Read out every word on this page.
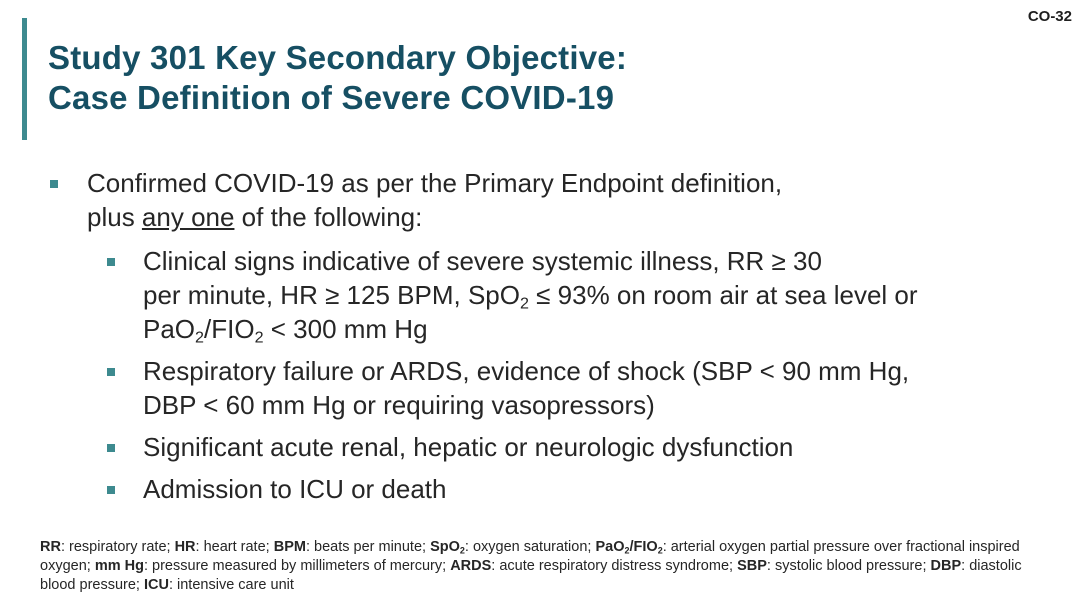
CO-32
Study 301 Key Secondary Objective:
Case Definition of Severe COVID-19
Confirmed COVID-19 as per the Primary Endpoint definition,
plus any one of the following:
Clinical signs indicative of severe systemic illness, RR ≥ 30
per minute, HR ≥ 125 BPM, SpO$_2$ ≤ 93% on room air at sea level or
$PaO_2/FIO_2 < 300$ mm Hg
Respiratory failure or ARDS, evidence of shock (SBP < 90 mm Hg,
DBP < 60 mm Hg or requiring vasopressors)
Significant acute renal, hepatic or neurologic dysfunction
Admission to ICU or death
RR: respiratory rate; HR: heart rate; BPM: beats per minute; SpO$_2$: oxygen saturation; $PaO_2/FIO_2$: arterial oxygen partial pressure over fractional inspired oxygen; mm Hg: pressure measured by millimeters of mercury; ARDS: acute respiratory distress syndrome; SBP: systolic blood pressure; DBP: diastolic blood pressure; ICU: intensive care unit
